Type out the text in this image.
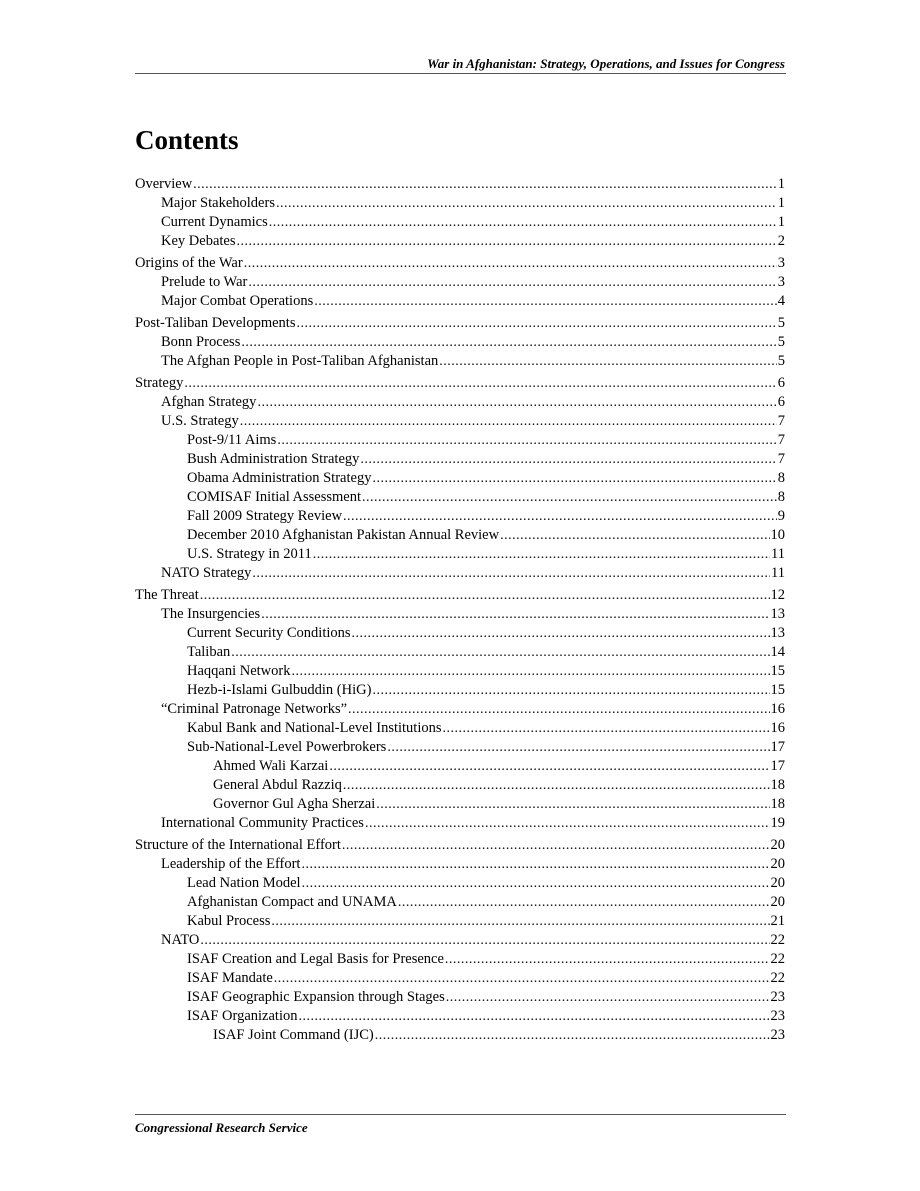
War in Afghanistan: Strategy, Operations, and Issues for Congress
Contents
Overview .....	1
Major Stakeholders .....	1
Current Dynamics .....	1
Key Debates .....	2
Origins of the War .....	3
Prelude to War .....	3
Major Combat Operations .....	4
Post-Taliban Developments .....	5
Bonn Process .....	5
The Afghan People in Post-Taliban Afghanistan .....	5
Strategy .....	6
Afghan Strategy .....	6
U.S. Strategy .....	7
Post-9/11 Aims .....	7
Bush Administration Strategy .....	7
Obama Administration Strategy .....	8
COMISAF Initial Assessment .....	8
Fall 2009 Strategy Review .....	9
December 2010 Afghanistan Pakistan Annual Review .....	10
U.S. Strategy in 2011 .....	11
NATO Strategy .....	11
The Threat .....	12
The Insurgencies .....	13
Current Security Conditions .....	13
Taliban .....	14
Haqqani Network .....	15
Hezb-i-Islami Gulbuddin (HiG) .....	15
“Criminal Patronage Networks” .....	16
Kabul Bank and National-Level Institutions .....	16
Sub-National-Level Powerbrokers .....	17
Ahmed Wali Karzai .....	17
General Abdul Razziq .....	18
Governor Gul Agha Sherzai .....	18
International Community Practices .....	19
Structure of the International Effort .....	20
Leadership of the Effort .....	20
Lead Nation Model .....	20
Afghanistan Compact and UNAMA .....	20
Kabul Process .....	21
NATO .....	22
ISAF Creation and Legal Basis for Presence .....	22
ISAF Mandate .....	22
ISAF Geographic Expansion through Stages .....	23
ISAF Organization .....	23
ISAF Joint Command (IJC) .....	23
Congressional Research Service
